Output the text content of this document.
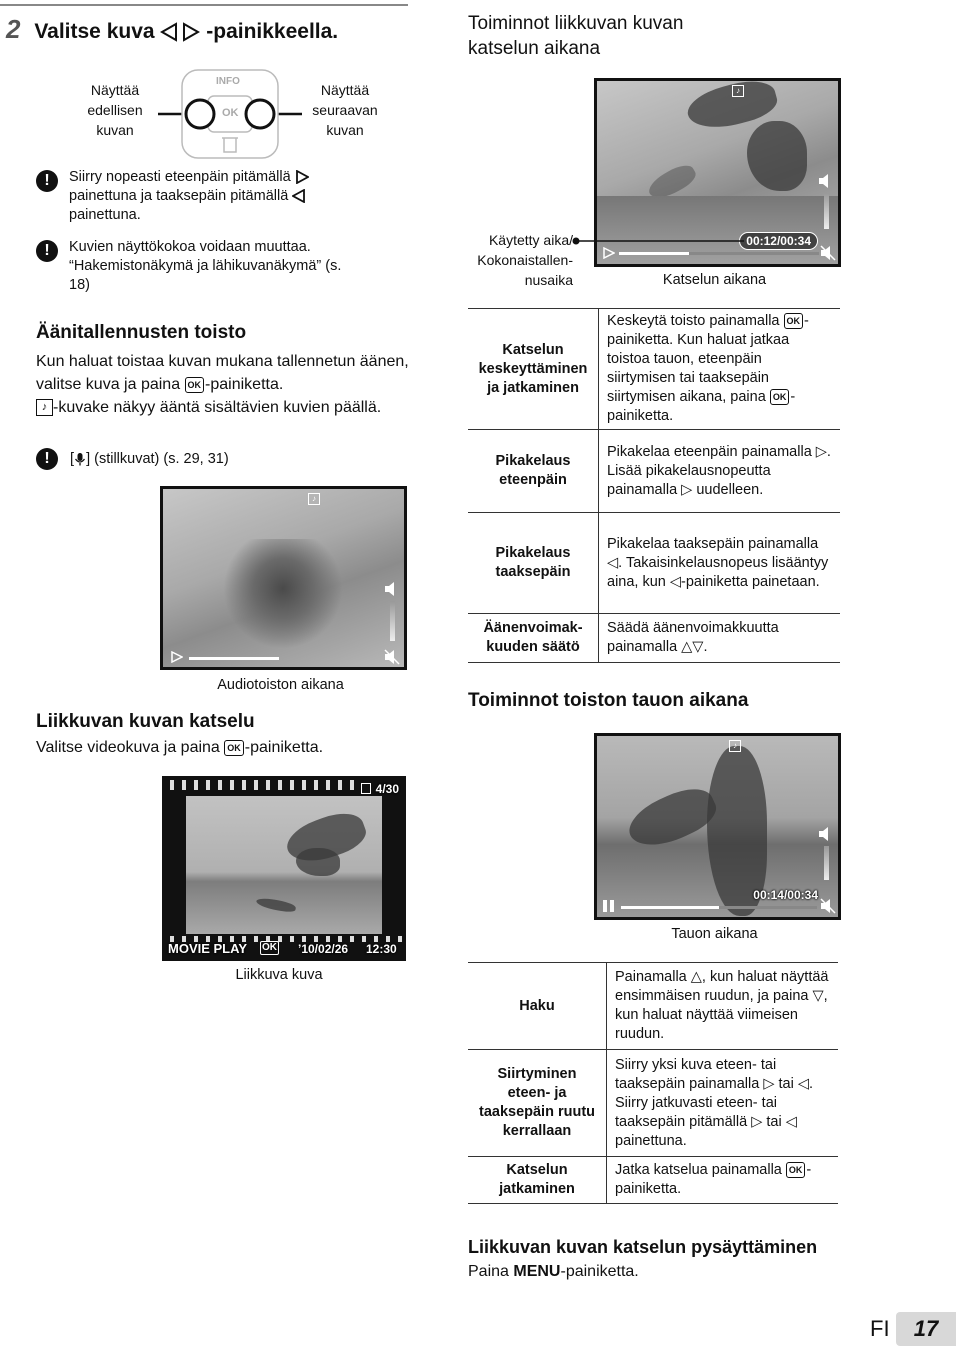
2 Valitse kuva -painikkeella.
Näyttää
edellisen
kuvan
Näyttää
seuraavan
kuvan
INFO
OK
!	Siirry nopeasti eteenpäin pitämällä  painettuna ja taaksepäin pitämällä  painettuna.
!	Kuvien näyttökokoa voidaan muuttaa. “Hakemistonäkymä ja lähikuvanäkymä” (s. 18)
Äänitallennusten toisto
Kun haluat toistaa kuvan mukana tallennetun äänen, valitse kuva ja paina OK -painiketta.
♪ -kuvake näkyy ääntä sisältävien kuvien päällä.
! [ ] (stillkuvat) (s. 29, 31)
♪
Audiotoiston aikana
Liikkuvan kuvan katselu
Valitse videokuva ja paina OK -painiketta.
4/30
MOVIE PLAY OK ’10/02/26 12:30
Liikkuva kuva
Toiminnot liikkuvan kuvan katselun aikana
♪
00:12/00:34
Käytetty aika/
Kokonaistallen-
nusaika	Katselun aikana
Katselun keskeyttäminen ja jatkaminen	Keskeytä toisto painamalla OK -painiketta. Kun haluat jatkaa toistoa tauon, eteenpäin siirtymisen tai taaksepäin siirtymisen aikana, paina OK -painiketta.
Pikakelaus eteenpäin	Pikakelaa eteenpäin painamalla ▷. Lisää pikakelausnopeutta painamalla ▷ uudelleen.
Pikakelaus taaksepäin	Pikakelaa taaksepäin painamalla ◁. Takaisinkelausnopeus lisääntyy aina, kun ◁-painiketta painetaan.
Äänenvoimak-kuuden säätö	Säädä äänenvoimakkuutta painamalla △▽.
Toiminnot toiston tauon aikana
♪
00:14/00:34
Tauon aikana
Haku	Painamalla △, kun haluat näyttää ensimmäisen ruudun, ja paina ▽, kun haluat näyttää viimeisen ruudun.
Siirtyminen eteen- ja taaksepäin ruutu kerrallaan	Siirry yksi kuva eteen- tai taaksepäin painamalla ▷ tai ◁. Siirry jatkuvasti eteen- tai taaksepäin pitämällä ▷ tai ◁ painettuna.
Katselun jatkaminen	Jatka katselua painamalla OK -painiketta.
Liikkuvan kuvan katselun pysäyttäminen
Paina MENU-painiketta.
FI	17
